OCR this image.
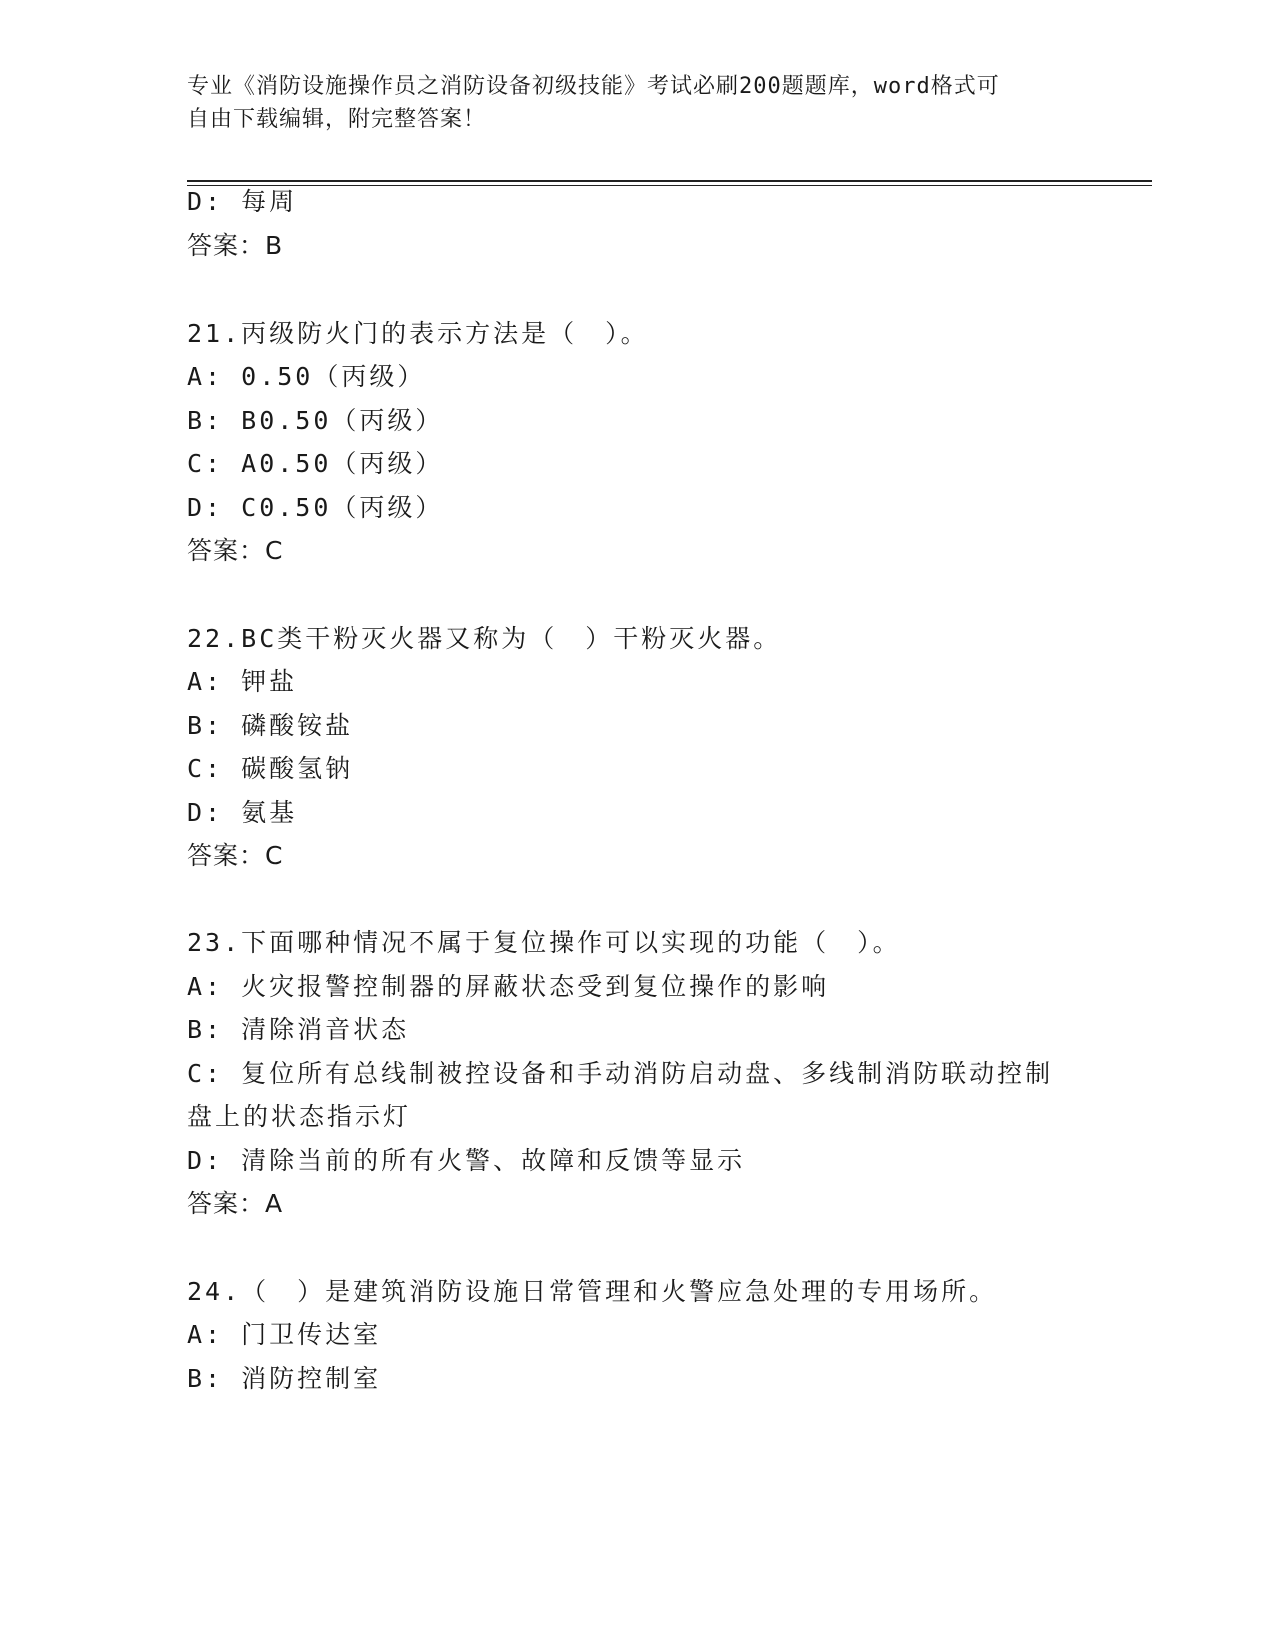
专业《消防设施操作员之消防设备初级技能》考试必刷200题题库，word格式可
自由下载编辑，附完整答案！
D: 每周
答案：B
21.丙级防火门的表示方法是（　）。
A: 0.50（丙级）
B: B0.50（丙级）
C: A0.50（丙级）
D: C0.50（丙级）
答案：C
22.BC类干粉灭火器又称为（　）干粉灭火器。
A: 钾盐
B: 磷酸铵盐
C: 碳酸氢钠
D: 氨基
答案：C
23.下面哪种情况不属于复位操作可以实现的功能（　）。
A: 火灾报警控制器的屏蔽状态受到复位操作的影响
B: 清除消音状态
C: 复位所有总线制被控设备和手动消防启动盘、多线制消防联动控制
盘上的状态指示灯
D: 清除当前的所有火警、故障和反馈等显示
答案：A
24.（　）是建筑消防设施日常管理和火警应急处理的专用场所。
A: 门卫传达室
B: 消防控制室
